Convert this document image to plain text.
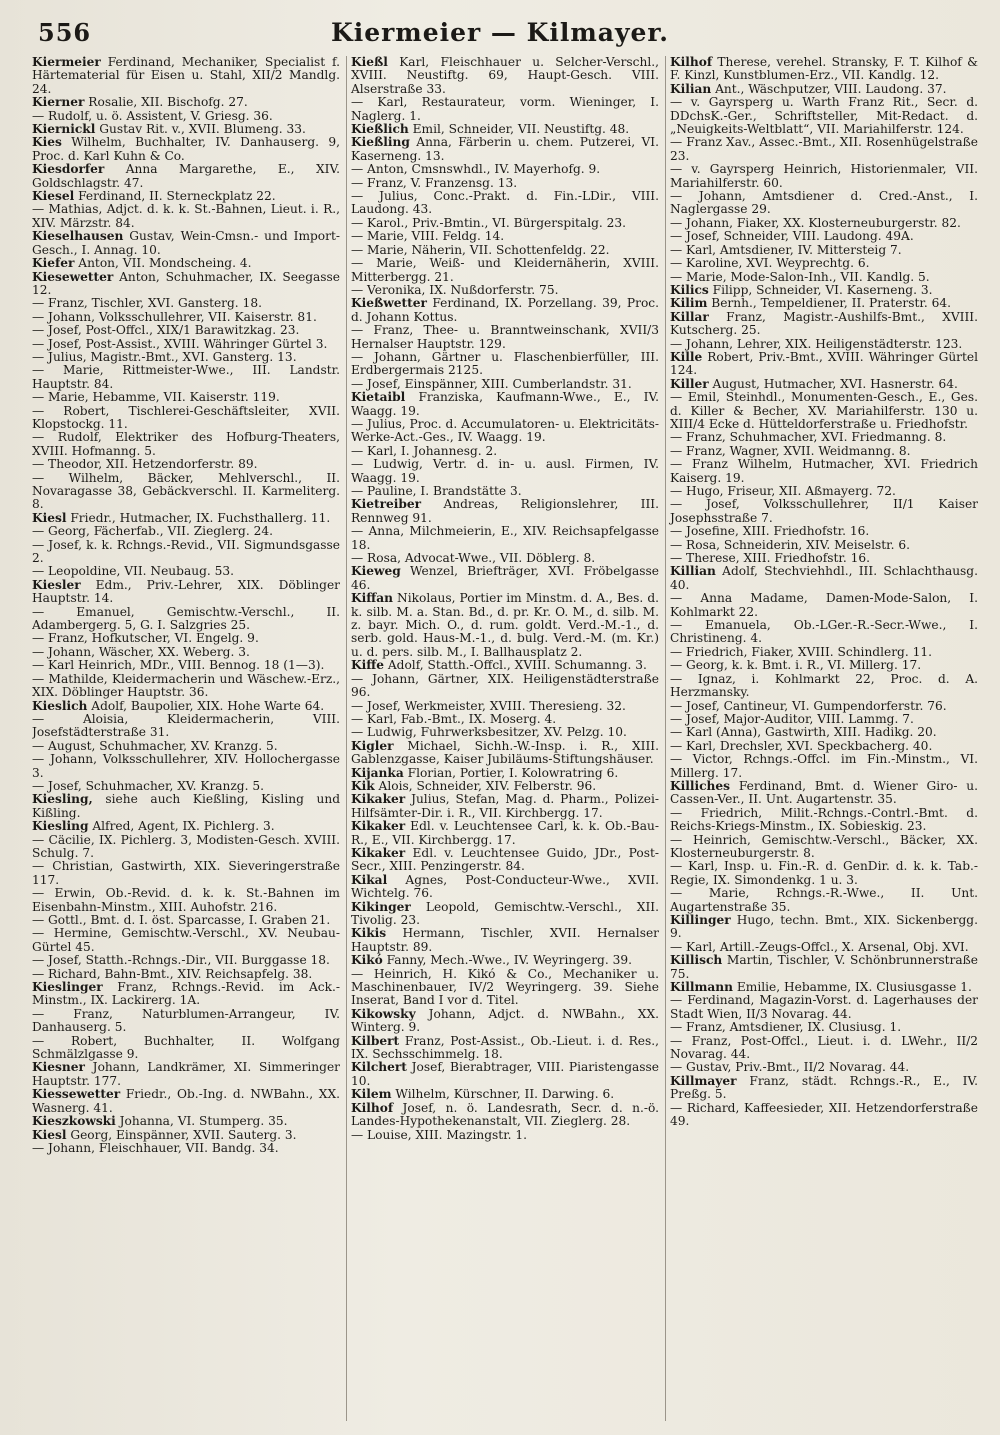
556	Kiermeier — Kilmayer.

Kiermeier Ferdinand, Mechaniker, Specialist f. Härtematerial für Eisen u. Stahl, XII/2 Mandlg. 24.

Kierner Rosalie, XII. Bischofg. 27.

— Rudolf, u. ö. Assistent, V. Griesg. 36.

Kiernickl Gustav Rit. v., XVII. Blumeng. 33.

Kies Wilhelm, Buchhalter, IV. Danhauserg. 9, Proc. d. Karl Kuhn & Co.

Kiesdorfer Anna Margarethe, E., XIV. Goldschlagstr. 47.

Kiesel Ferdinand, II. Sterneckplatz 22.

— Mathias, Adjct. d. k. k. St.-Bahnen, Lieut. i. R., XIV. Märzstr. 84.

Kieselhausen Gustav, Wein-Cmsn.- und Import-Gesch., I. Annag. 10.

Kiefer Anton, VII. Mondscheing. 4.

Kiesewetter Anton, Schuhmacher, IX. Seegasse 12.

— Franz, Tischler, XVI. Gansterg. 18.

— Johann, Volksschullehrer, VII. Kaiserstr. 81.

— Josef, Post-Offcl., XIX/1 Barawitzkag. 23.

— Josef, Post-Assist., XVIII. Währinger Gürtel 3.

— Julius, Magistr.-Bmt., XVI. Gansterg. 13.

— Marie, Rittmeister-Wwe., III. Landstr. Hauptstr. 84.

— Marie, Hebamme, VII. Kaiserstr. 119.

— Robert, Tischlerei-Geschäftsleiter, XVII. Klopstockg. 11.

— Rudolf, Elektriker des Hofburg-Theaters, XVIII. Hofmanng. 5.

— Theodor, XII. Hetzendorferstr. 89.

— Wilhelm, Bäcker, Mehlverschl., II. Novaragasse 38, Gebäckverschl. II. Karmeliterg. 8.

Kiesl Friedr., Hutmacher, IX. Fuchsthallerg. 11.

— Georg, Fächerfab., VII. Zieglerg. 24.

— Josef, k. k. Rchngs.-Revid., VII. Sigmundsgasse 2.

— Leopoldine, VII. Neubaug. 53.

Kiesler Edm., Priv.-Lehrer, XIX. Döblinger Hauptstr. 14.

— Emanuel, Gemischtw.-Verschl., II. Adambergerg. 5, G. I. Salzgries 25.

— Franz, Hofkutscher, VI. Engelg. 9.

— Johann, Wäscher, XX. Weberg. 3.

— Karl Heinrich, MDr., VIII. Bennog. 18 (1—3).

— Mathilde, Kleidermacherin und Wäschew.-Erz., XIX. Döblinger Hauptstr. 36.

Kieslich Adolf, Baupolier, XIX. Hohe Warte 64.

— Aloisia, Kleidermacherin, VIII. Josefstädterstraße 31.

— August, Schuhmacher, XV. Kranzg. 5.

— Johann, Volksschullehrer, XIV. Hollochergasse 3.

— Josef, Schuhmacher, XV. Kranzg. 5.

Kiesling, siehe auch Kießling, Kisling und Kißling.

Kiesling Alfred, Agent, IX. Pichlerg. 3.

— Cäcilie, IX. Pichlerg. 3, Modisten-Gesch. XVIII. Schulg. 7.

— Christian, Gastwirth, XIX. Sieveringerstraße 117.

— Erwin, Ob.-Revid. d. k. k. St.-Bahnen im Eisenbahn-Minstm., XIII. Auhofstr. 216.

— Gottl., Bmt. d. I. öst. Sparcasse, I. Graben 21.

— Hermine, Gemischtw.-Verschl., XV. Neubau-Gürtel 45.

— Josef, Statth.-Rchngs.-Dir., VII. Burggasse 18.

— Richard, Bahn-Bmt., XIV. Reichsapfelg. 38.

Kieslinger Franz, Rchngs.-Revid. im Ack.-Minstm., IX. Lackirerg. 1A.

— Franz, Naturblumen-Arrangeur, IV. Danhauserg. 5.

— Robert, Buchhalter, II. Wolfgang Schmälzlgasse 9.

Kiesner Johann, Landkrämer, XI. Simmeringer Hauptstr. 177.

Kiessewetter Friedr., Ob.-Ing. d. NWBahn., XX. Wasnerg. 41.

Kieszkowski Johanna, VI. Stumperg. 35.

Kiesl Georg, Einspänner, XVII. Sauterg. 3.

— Johann, Fleischhauer, VII. Bandg. 34.

Kießl Karl, Fleischhauer u. Selcher-Verschl., XVIII. Neustiftg. 69, Haupt-Gesch. VIII. Alserstraße 33.

— Karl, Restaurateur, vorm. Wieninger, I. Naglerg. 1.

Kießlich Emil, Schneider, VII. Neustiftg. 48.

Kießling Anna, Färberin u. chem. Putzerei, VI. Kaserneng. 13.

— Anton, Cmsnswhdl., IV. Mayerhofg. 9.

— Franz, V. Franzensg. 13.

— Julius, Conc.-Prakt. d. Fin.-LDir., VIII. Laudong. 43.

— Karol., Priv.-Bmtin., VI. Bürgerspitalg. 23.

— Marie, VIII. Feldg. 14.

— Marie, Näherin, VII. Schottenfeldg. 22.

— Marie, Weiß- und Kleidernäherin, XVIII. Mitterbergg. 21.

— Veronika, IX. Nußdorferstr. 75.

Kießwetter Ferdinand, IX. Porzellang. 39, Proc. d. Johann Kottus.

— Franz, Thee- u. Branntweinschank, XVII/3 Hernalser Hauptstr. 129.

— Johann, Gärtner u. Flaschenbierfüller, III. Erdbergermais 2125.

— Josef, Einspänner, XIII. Cumberlandstr. 31.

Kietaibl Franziska, Kaufmann-Wwe., E., IV. Waagg. 19.

— Julius, Proc. d. Accumulatoren- u. Elektricitäts-Werke-Act.-Ges., IV. Waagg. 19.

— Karl, I. Johannesg. 2.

— Ludwig, Vertr. d. in- u. ausl. Firmen, IV. Waagg. 19.

— Pauline, I. Brandstätte 3.

Kietreiber Andreas, Religionslehrer, III. Rennweg 91.

— Anna, Milchmeierin, E., XIV. Reichsapfelgasse 18.

— Rosa, Advocat-Wwe., VII. Döblerg. 8.

Kieweg Wenzel, Briefträger, XVI. Fröbelgasse 46.

Kiffan Nikolaus, Portier im Minstm. d. A., Bes. d. k. silb. M. a. Stan. Bd., d. pr. Kr. O. M., d. silb. M. z. bayr. Mich. O., d. rum. goldt. Verd.-M.-1., d. serb. gold. Haus-M.-1., d. bulg. Verd.-M. (m. Kr.) u. d. pers. silb. M., I. Ballhausplatz 2.

Kiffe Adolf, Statth.-Offcl., XVIII. Schumanng. 3.

— Johann, Gärtner, XIX. Heiligenstädterstraße 96.

— Josef, Werkmeister, XVIII. Theresieng. 32.

— Karl, Fab.-Bmt., IX. Moserg. 4.

— Ludwig, Fuhrwerksbesitzer, XV. Pelzg. 10.

Kigler Michael, Sichh.-W.-Insp. i. R., XIII. Gablenzgasse, Kaiser Jubiläums-Stiftungshäuser.

Kijanka Florian, Portier, I. Kolowratring 6.

Kik Alois, Schneider, XIV. Felberstr. 96.

Kikaker Julius, Stefan, Mag. d. Pharm., Polizei-Hilfsämter-Dir. i. R., VII. Kirchbergg. 17.

Kikaker Edl. v. Leuchtensee Carl, k. k. Ob.-Bau-R., E., VII. Kirchbergg. 17.

Kikaker Edl. v. Leuchtensee Guido, JDr., Post-Secr., XIII. Penzingerstr. 84.

Kikal Agnes, Post-Conducteur-Wwe., XVII. Wichtelg. 76.

Kikinger Leopold, Gemischtw.-Verschl., XII. Tivolig. 23.

Kikis Hermann, Tischler, XVII. Hernalser Hauptstr. 89.

Kikó Fanny, Mech.-Wwe., IV. Weyringerg. 39.

— Heinrich, H. Kikó & Co., Mechaniker u. Maschinenbauer, IV/2 Weyringerg. 39. Siehe Inserat, Band I vor d. Titel.

Kikowsky Johann, Adjct. d. NWBahn., XX. Winterg. 9.

Kilbert Franz, Post-Assist., Ob.-Lieut. i. d. Res., IX. Sechsschimmelg. 18.

Kilchert Josef, Bierabtrager, VIII. Piaristengasse 10.

Kilem Wilhelm, Kürschner, II. Darwing. 6.

Kilhof Josef, n. ö. Landesrath, Secr. d. n.-ö. Landes-Hypothekenanstalt, VII. Zieglerg. 28.

— Louise, XIII. Mazingstr. 1.

Kilhof Therese, verehel. Stransky, F. T. Kilhof & F. Kinzl, Kunstblumen-Erz., VII. Kandlg. 12.

Kilian Ant., Wäschputzer, VIII. Laudong. 37.

— v. Gayrsperg u. Warth Franz Rit., Secr. d. DDchsK.-Ger., Schriftsteller, Mit-Redact. d. „Neuigkeits-Weltblatt“, VII. Mariahilferstr. 124.

— Franz Xav., Assec.-Bmt., XII. Rosenhügelstraße 23.

— v. Gayrsperg Heinrich, Historienmaler, VII. Mariahilferstr. 60.

— Johann, Amtsdiener d. Cred.-Anst., I. Naglergasse 29.

— Johann, Fiaker, XX. Klosterneuburgerstr. 82.

— Josef, Schneider, VIII. Laudong. 49A.

— Karl, Amtsdiener, IV. Mittersteig 7.

— Karoline, XVI. Weyprechtg. 6.

— Marie, Mode-Salon-Inh., VII. Kandlg. 5.

Kilics Filipp, Schneider, VI. Kaserneng. 3.

Kilim Bernh., Tempeldiener, II. Praterstr. 64.

Killar Franz, Magistr.-Aushilfs-Bmt., XVIII. Kutscherg. 25.

— Johann, Lehrer, XIX. Heiligenstädterstr. 123.

Kille Robert, Priv.-Bmt., XVIII. Währinger Gürtel 124.

Killer August, Hutmacher, XVI. Hasnerstr. 64.

— Emil, Steinhdl., Monumenten-Gesch., E., Ges. d. Killer & Becher, XV. Mariahilferstr. 130 u. XIII/4 Ecke d. Hütteldorferstraße u. Friedhofstr.

— Franz, Schuhmacher, XVI. Friedmanng. 8.

— Franz, Wagner, XVII. Weidmanng. 8.

— Franz Wilhelm, Hutmacher, XVI. Friedrich Kaiserg. 19.

— Hugo, Friseur, XII. Aßmayerg. 72.

— Josef, Volksschullehrer, II/1 Kaiser Josephsstraße 7.

— Josefine, XIII. Friedhofstr. 16.

— Rosa, Schneiderin, XIV. Meiselstr. 6.

— Therese, XIII. Friedhofstr. 16.

Killian Adolf, Stechviehhdl., III. Schlachthausg. 40.

— Anna Madame, Damen-Mode-Salon, I. Kohlmarkt 22.

— Emanuela, Ob.-LGer.-R.-Secr.-Wwe., I. Christineng. 4.

— Friedrich, Fiaker, XVIII. Schindlerg. 11.

— Georg, k. k. Bmt. i. R., VI. Millerg. 17.

— Ignaz, i. Kohlmarkt 22, Proc. d. A. Herzmansky.

— Josef, Cantineur, VI. Gumpendorferstr. 76.

— Josef, Major-Auditor, VIII. Lammg. 7.

— Karl (Anna), Gastwirth, XIII. Hadikg. 20.

— Karl, Drechsler, XVI. Speckbacherg. 40.

— Victor, Rchngs.-Offcl. im Fin.-Minstm., VI. Millerg. 17.

Killiches Ferdinand, Bmt. d. Wiener Giro- u. Cassen-Ver., II. Unt. Augartenstr. 35.

— Friedrich, Milit.-Rchngs.-Contrl.-Bmt. d. Reichs-Kriegs-Minstm., IX. Sobieskig. 23.

— Heinrich, Gemischtw.-Verschl., Bäcker, XX. Klosterneuburgerstr. 8.

— Karl, Insp. u. Fin.-R. d. GenDir. d. k. k. Tab.-Regie, IX. Simondenkg. 1 u. 3.

— Marie, Rchngs.-R.-Wwe., II. Unt. Augartenstraße 35.

Killinger Hugo, techn. Bmt., XIX. Sickenbergg. 9.

— Karl, Artill.-Zeugs-Offcl., X. Arsenal, Obj. XVI.

Killisch Martin, Tischler, V. Schönbrunnerstraße 75.

Killmann Emilie, Hebamme, IX. Clusiusgasse 1.

— Ferdinand, Magazin-Vorst. d. Lagerhauses der Stadt Wien, II/3 Novarag. 44.

— Franz, Amtsdiener, IX. Clusiusg. 1.

— Franz, Post-Offcl., Lieut. i. d. LWehr., II/2 Novarag. 44.

— Gustav, Priv.-Bmt., II/2 Novarag. 44.

Killmayer Franz, städt. Rchngs.-R., E., IV. Preßg. 5.

— Richard, Kaffeesieder, XII. Hetzendorferstraße 49.
